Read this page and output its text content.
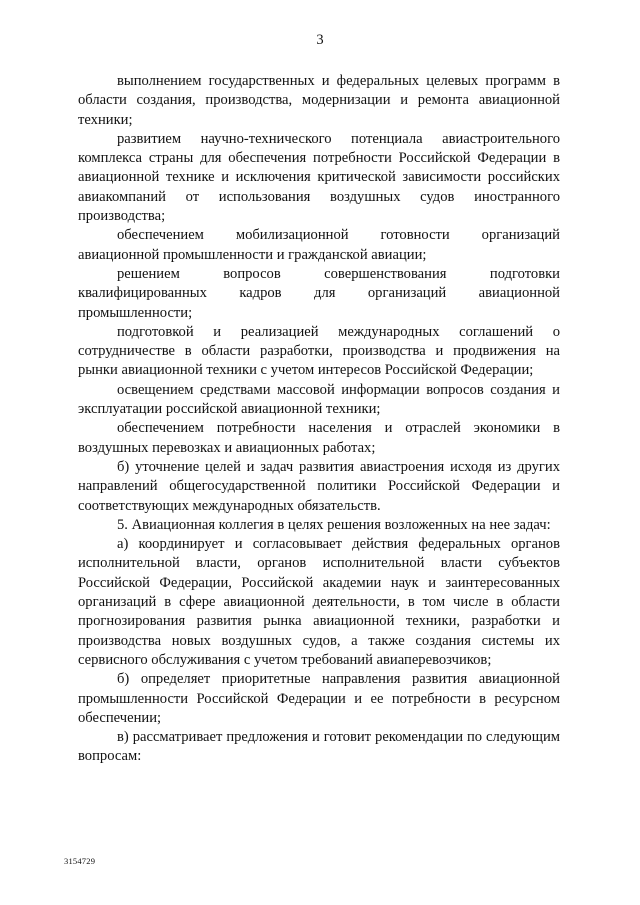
3

выполнением государственных и федеральных целевых программ в области создания, производства, модернизации и ремонта авиационной техники;

развитием научно-технического потенциала авиастроительного комплекса страны для обеспечения потребности Российской Федерации в авиационной технике и исключения критической зависимости российских авиакомпаний от использования воздушных судов иностранного производства;

обеспечением мобилизационной готовности организаций авиационной промышленности и гражданской авиации;

решением вопросов совершенствования подготовки квалифицированных кадров для организаций авиационной промышленности;

подготовкой и реализацией международных соглашений о сотрудничестве в области разработки, производства и продвижения на рынки авиационной техники с учетом интересов Российской Федерации;

освещением средствами массовой информации вопросов создания и эксплуатации российской авиационной техники;

обеспечением потребности населения и отраслей экономики в воздушных перевозках и авиационных работах;

б) уточнение целей и задач развития авиастроения исходя из других направлений общегосударственной политики Российской Федерации и соответствующих международных обязательств.

5. Авиационная коллегия в целях решения возложенных на нее задач:

а) координирует и согласовывает действия федеральных органов исполнительной власти, органов исполнительной власти субъектов Российской Федерации, Российской академии наук и заинтересованных организаций в сфере авиационной деятельности, в том числе в области прогнозирования развития рынка авиационной техники, разработки и производства новых воздушных судов, а также создания системы их сервисного обслуживания с учетом требований авиаперевозчиков;

б) определяет приоритетные направления развития авиационной промышленности Российской Федерации и ее потребности в ресурсном обеспечении;

в) рассматривает предложения и готовит рекомендации по следующим вопросам:

3154729
